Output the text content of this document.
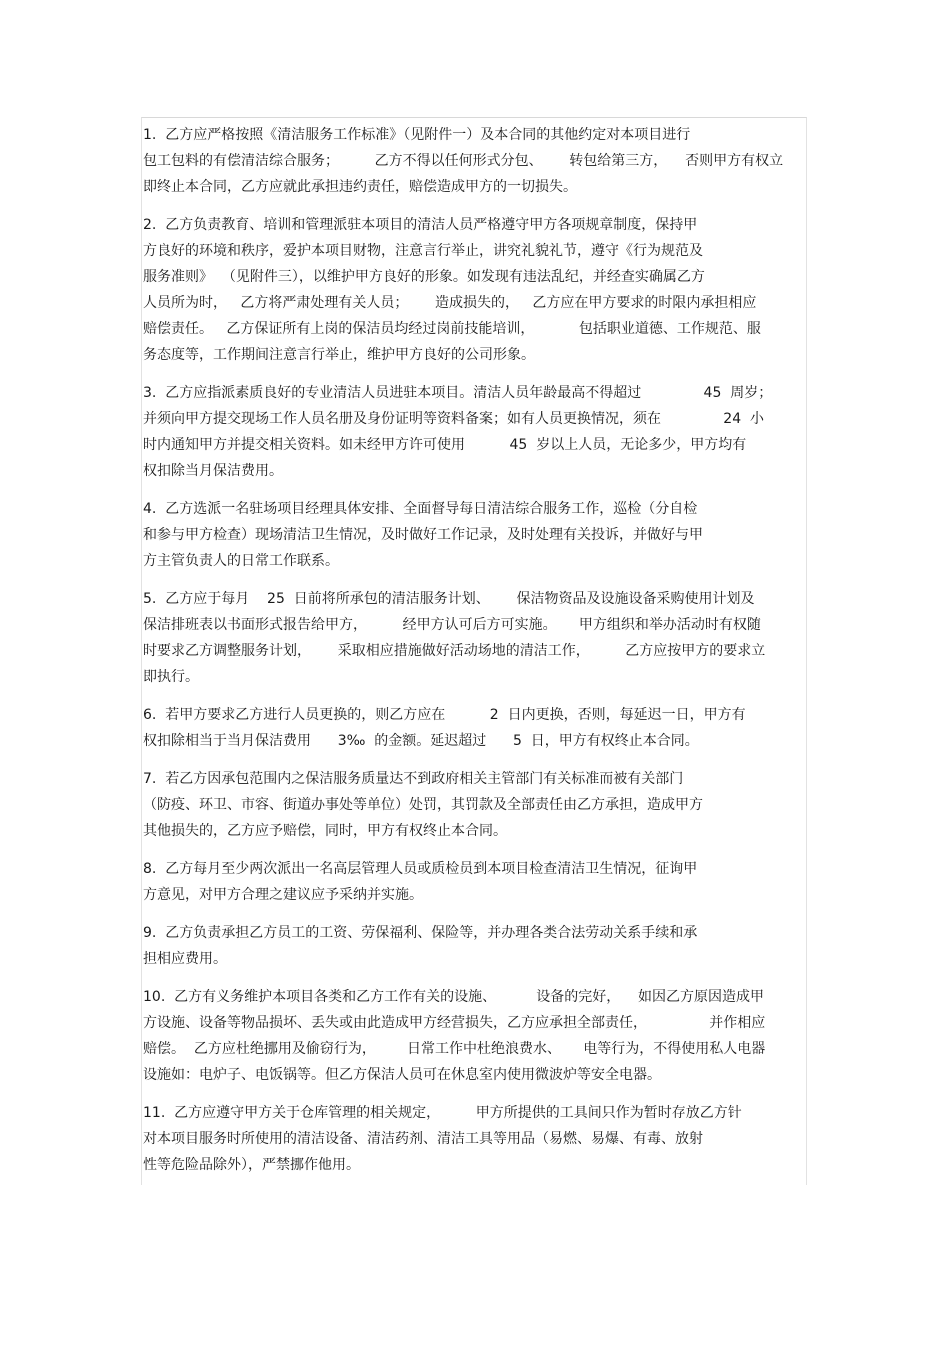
1.  乙方应严格按照《清洁服务工作标准》（见附件一）及本合同的其他约定对本项目进行
包工包料的有偿清洁综合服务；        乙方不得以任何形式分包、      转包给第三方，    否则甲方有权立
即终止本合同，乙方应就此承担违约责任，赔偿造成甲方的一切损失。
2.  乙方负责教育、培训和管理派驻本项目的清洁人员严格遵守甲方各项规章制度，保持甲
方良好的环境和秩序，爱护本项目财物，注意言行举止，讲究礼貌礼节，遵守《行为规范及
服务准则》  （见附件三），以维护甲方良好的形象。如发现有违法乱纪，并经查实确属乙方
人员所为时，   乙方将严肃处理有关人员；      造成损失的，   乙方应在甲方要求的时限内承担相应
赔偿责任。   乙方保证所有上岗的保洁员均经过岗前技能培训，          包括职业道德、工作规范、服
务态度等，工作期间注意言行举止，维护甲方良好的公司形象。
3.  乙方应指派素质良好的专业清洁人员进驻本项目。清洁人员年龄最高不得超过              45  周岁；
并须向甲方提交现场工作人员名册及身份证明等资料备案；如有人员更换情况，须在              24  小
时内通知甲方并提交相关资料。如未经甲方许可使用          45  岁以上人员，无论多少，甲方均有
权扣除当月保洁费用。
4.  乙方选派一名驻场项目经理具体安排、全面督导每日清洁综合服务工作，巡检（分自检
和参与甲方检查）现场清洁卫生情况，及时做好工作记录，及时处理有关投诉，并做好与甲
方主管负责人的日常工作联系。
5.  乙方应于每月    25  日前将所承包的清洁服务计划、      保洁物资品及设施设备采购使用计划及
保洁排班表以书面形式报告给甲方，        经甲方认可后方可实施。     甲方组织和举办活动时有权随
时要求乙方调整服务计划，      采取相应措施做好活动场地的清洁工作，        乙方应按甲方的要求立
即执行。
6.  若甲方要求乙方进行人员更换的，则乙方应在          2  日内更换，否则，每延迟一日，甲方有
权扣除相当于当月保洁费用      3‰  的金额。延迟超过      5  日，甲方有权终止本合同。
7.  若乙方因承包范围内之保洁服务质量达不到政府相关主管部门有关标准而被有关部门
（防疫、环卫、市容、街道办事处等单位）处罚，其罚款及全部责任由乙方承担，造成甲方
其他损失的，乙方应予赔偿，同时，甲方有权终止本合同。
8.  乙方每月至少两次派出一名高层管理人员或质检员到本项目检查清洁卫生情况，征询甲
方意见，对甲方合理之建议应予采纳并实施。
9.  乙方负责承担乙方员工的工资、劳保福利、保险等，并办理各类合法劳动关系手续和承
担相应费用。
10.  乙方有义务维护本项目各类和乙方工作有关的设施、         设备的完好，    如因乙方原因造成甲
方设施、设备等物品损坏、丢失或由此造成甲方经营损失，乙方应承担全部责任，              并作相应
赔偿。  乙方应杜绝挪用及偷窃行为，       日常工作中杜绝浪费水、     电等行为，不得使用私人电器
设施如：电炉子、电饭锅等。但乙方保洁人员可在休息室内使用微波炉等安全电器。
11.  乙方应遵守甲方关于仓库管理的相关规定，        甲方所提供的工具间只作为暂时存放乙方针
对本项目服务时所使用的清洁设备、清洁药剂、清洁工具等用品（易燃、易爆、有毒、放射
性等危险品除外），严禁挪作他用。
